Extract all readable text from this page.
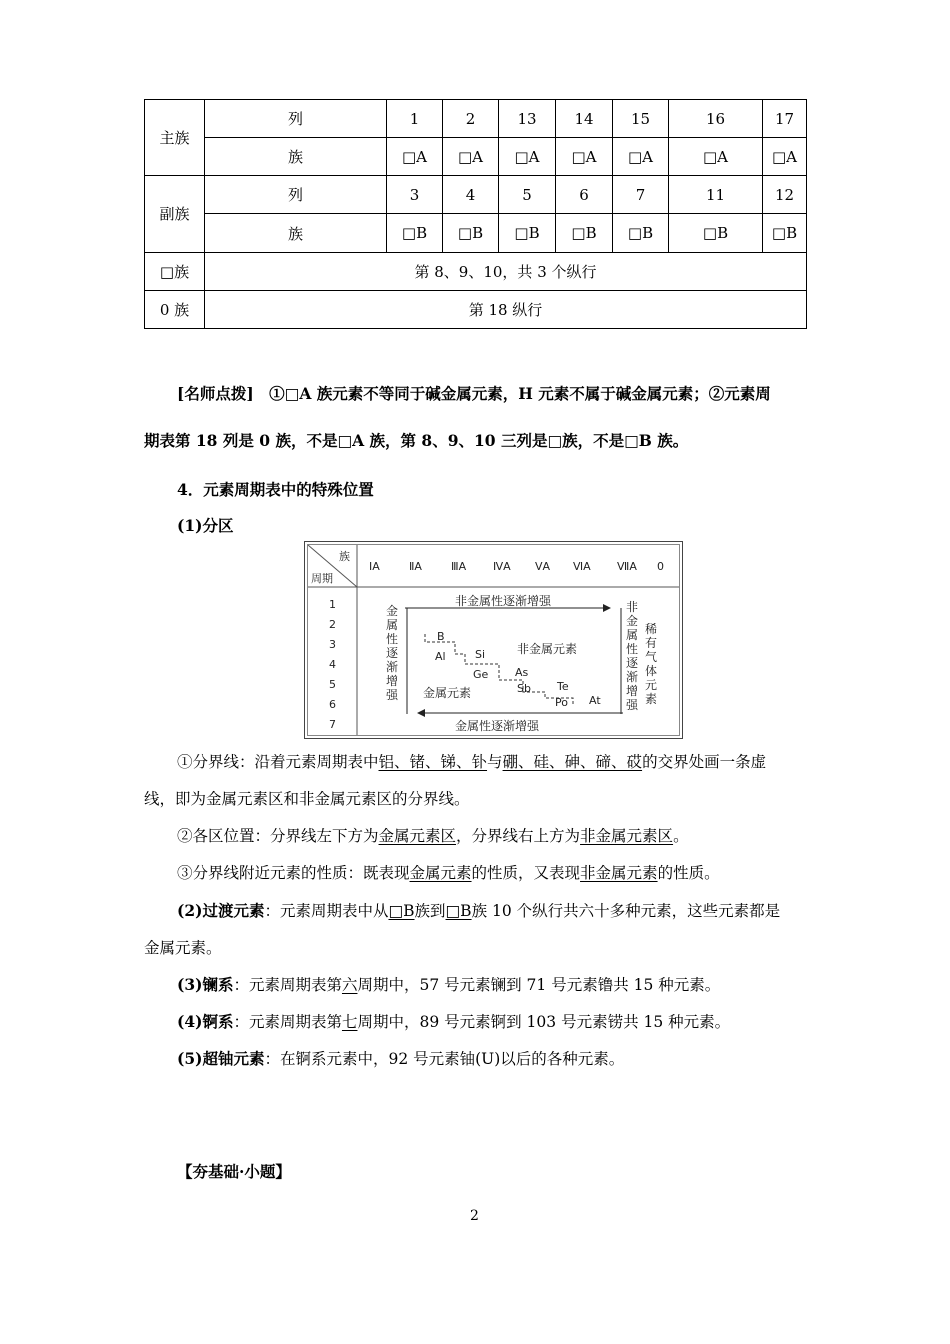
主族	列	1	2	13	14	15	16	17
	族	□A	□A	□A	□A	□A	□A	□A
副族	列	3	4	5	6	7	11	12
	族	□B	□B	□B	□B	□B	□B	□B
□族	第 8、9、10，共 3 个纵行							
0 族	第 18 纵行							
[名师点拨]　①□A 族元素不等同于碱金属元素，H 元素不属于碱金属元素；②元素周
期表第 18 列是 0 族，不是□A 族，第 8、9、10 三列是□族，不是□B 族。
4．元素周期表中的特殊位置
(1)分区
族
周期
ⅠA	ⅡA	ⅢA ⅣA ⅤA ⅥA ⅦA 0
1
2
3
4
5
6
7
非金属性逐渐增强
金属性逐渐增强
金属性逐渐增强
非金属性逐渐增强
稀有气体元素
非金属元素
金属元素
B
Al	Si
Ge As
Sb Te
Po At
①分界线：沿着元素周期表中铝、锗、锑、钋与硼、硅、砷、碲、砹的交界处画一条虚
线，即为金属元素区和非金属元素区的分界线。
②各区位置：分界线左下方为金属元素区，分界线右上方为非金属元素区。
③分界线附近元素的性质：既表现金属元素的性质，又表现非金属元素的性质。
(2)过渡元素：元素周期表中从□B族到□B族 10 个纵行共六十多种元素，这些元素都是
金属元素。
(3)镧系：元素周期表第六周期中，57 号元素镧到 71 号元素镥共 15 种元素。
(4)锕系：元素周期表第七周期中，89 号元素锕到 103 号元素铹共 15 种元素。
(5)超铀元素：在锕系元素中，92 号元素铀(U)以后的各种元素。
【夯基础·小题】
2
